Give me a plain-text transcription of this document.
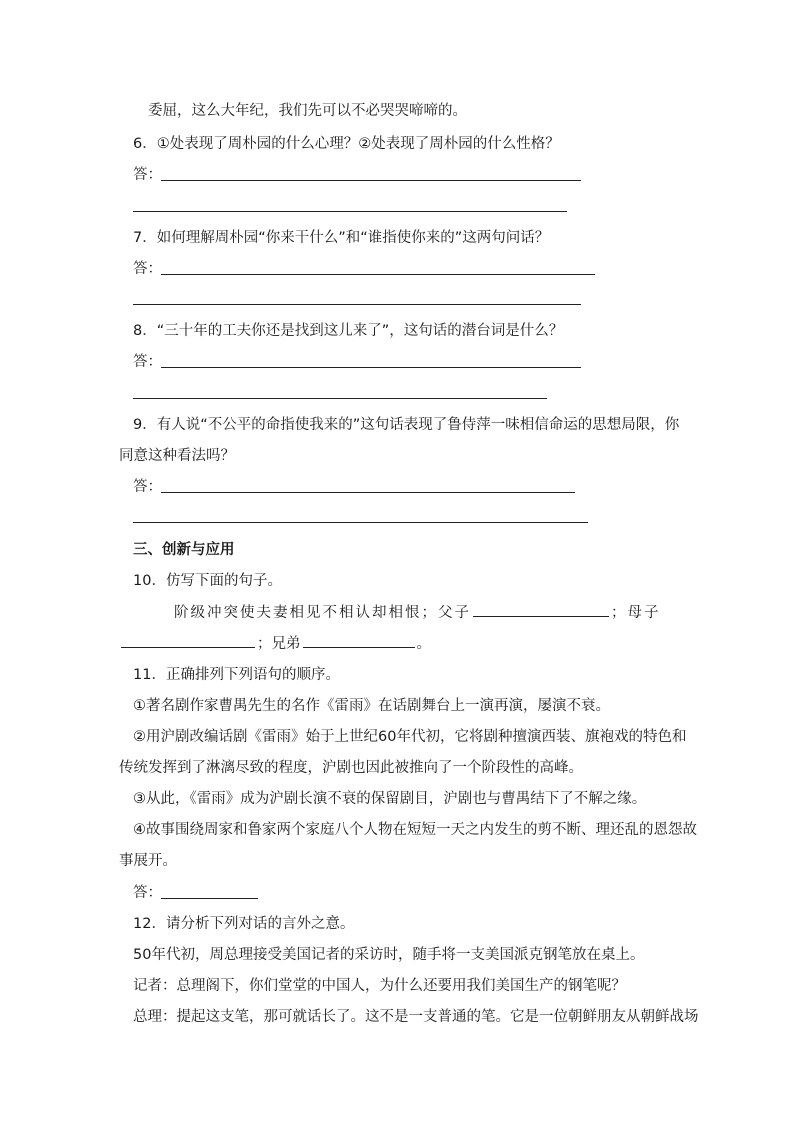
委屈，这么大年纪，我们先可以不必哭哭啼啼的。
6．①处表现了周朴园的什么心理？②处表现了周朴园的什么性格？
答：
7．如何理解周朴园“你来干什么”和“谁指使你来的”这两句问话？
答：
8．“三十年的工夫你还是找到这儿来了”，这句话的潜台词是什么？
答：
9．有人说“不公平的命指使我来的”这句话表现了鲁侍萍一味相信命运的思想局限，你
同意这种看法吗？
答：
三、创新与应用
10．仿写下面的句子。
阶级冲突使夫妻相见不相认却相恨；父子	；母子
；兄弟	。
11．正确排列下列语句的顺序。
①著名剧作家曹禺先生的名作《雷雨》在话剧舞台上一演再演，屡演不衰。
②用沪剧改编话剧《雷雨》始于上世纪60年代初，它将剧种擅演西装、旗袍戏的特色和
传统发挥到了淋漓尽致的程度，沪剧也因此被推向了一个阶段性的高峰。
③从此，《雷雨》成为沪剧长演不衰的保留剧目，沪剧也与曹禺结下了不解之缘。
④故事围绕周家和鲁家两个家庭八个人物在短短一天之内发生的剪不断、理还乱的恩怨故
事展开。
答：
12．请分析下列对话的言外之意。
50年代初，周总理接受美国记者的采访时，随手将一支美国派克钢笔放在桌上。
记者：总理阁下，你们堂堂的中国人，为什么还要用我们美国生产的钢笔呢？
总理：提起这支笔，那可就话长了。这不是一支普通的笔。它是一位朝鲜朋友从朝鲜战场
